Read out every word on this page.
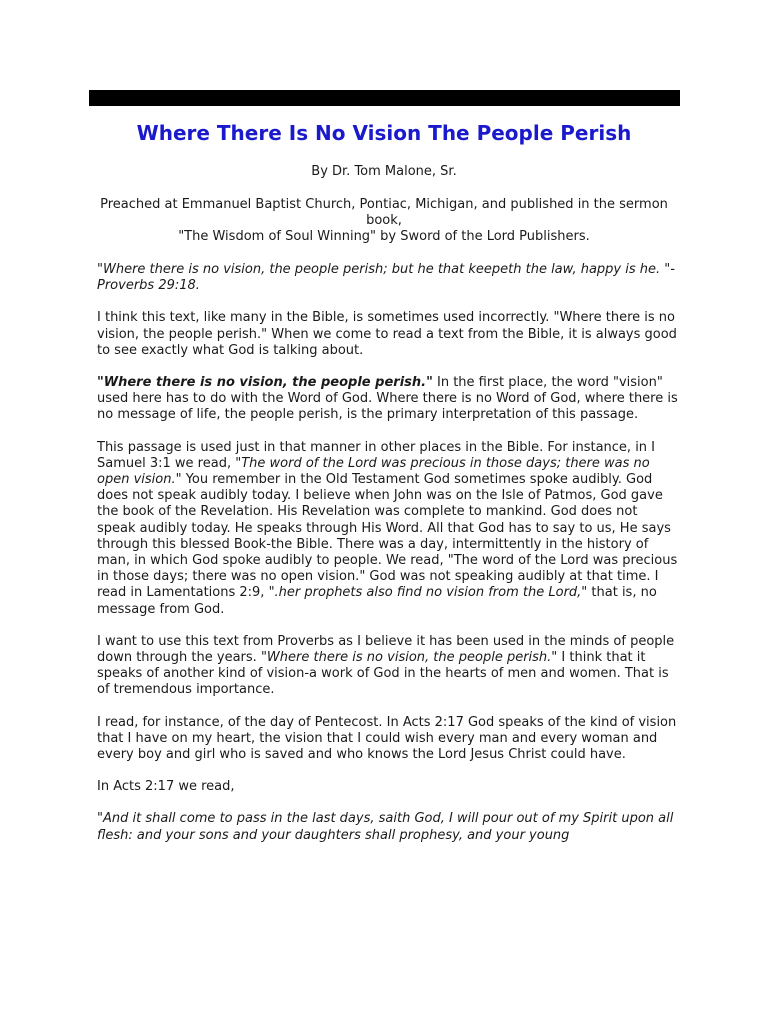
Where There Is No Vision The People Perish
By Dr. Tom Malone, Sr.
Preached at Emmanuel Baptist Church, Pontiac, Michigan, and published in the sermon book,
"The Wisdom of Soul Winning" by Sword of the Lord Publishers.

"Where there is no vision, the people perish; but he that keepeth the law, happy is he. "-Proverbs 29:18.

I think this text, like many in the Bible, is sometimes used incorrectly. "Where there is no vision, the people perish." When we come to read a text from the Bible, it is always good to see exactly what God is talking about.

"Where there is no vision, the people perish." In the first place, the word "vision" used here has to do with the Word of God. Where there is no Word of God, where there is no message of life, the people perish, is the primary interpretation of this passage.

This passage is used just in that manner in other places in the Bible. For instance, in I Samuel 3:1 we read, "The word of the Lord was precious in those days; there was no open vision." You remember in the Old Testament God sometimes spoke audibly. God does not speak audibly today. I believe when John was on the Isle of Patmos, God gave the book of the Revelation. His Revelation was complete to mankind. God does not speak audibly today. He speaks through His Word. All that God has to say to us, He says through this blessed Book-the Bible. There was a day, intermittently in the history of man, in which God spoke audibly to people. We read, "The word of the Lord was precious in those days; there was no open vision." God was not speaking audibly at that time. I read in Lamentations 2:9, ".her prophets also find no vision from the Lord," that is, no message from God.

I want to use this text from Proverbs as I believe it has been used in the minds of people down through the years. "Where there is no vision, the people perish." I think that it speaks of another kind of vision-a work of God in the hearts of men and women. That is of tremendous importance.

I read, for instance, of the day of Pentecost. In Acts 2:17 God speaks of the kind of vision that I have on my heart, the vision that I could wish every man and every woman and every boy and girl who is saved and who knows the Lord Jesus Christ could have.

In Acts 2:17 we read,

"And it shall come to pass in the last days, saith God, I will pour out of my Spirit upon all flesh: and your sons and your daughters shall prophesy, and your young
